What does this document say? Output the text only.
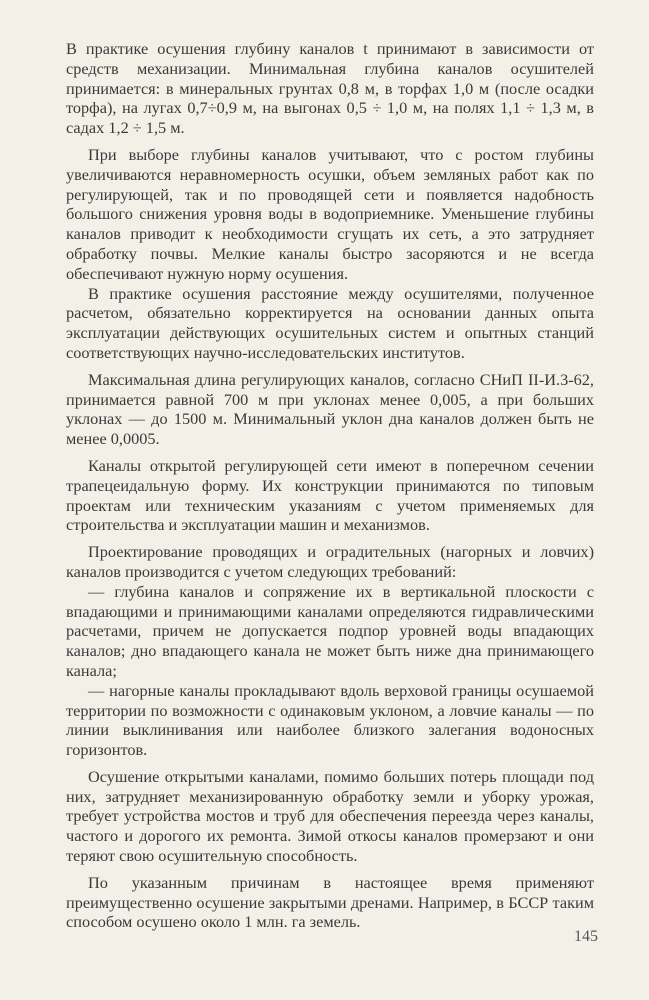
В практике осушения глубину каналов t принимают в зависимости от средств механизации. Минимальная глубина каналов осушителей принимается: в минеральных грунтах 0,8 м, в торфах 1,0 м (после осадки торфа), на лугах 0,7÷0,9 м, на выгонах 0,5 ÷ 1,0 м, на полях 1,1 ÷ 1,3 м, в садах 1,2 ÷ 1,5 м.

При выборе глубины каналов учитывают, что с ростом глубины увеличиваются неравномерность осушки, объем земляных работ как по регулирующей, так и по проводящей сети и появляется надобность большого снижения уровня воды в водоприемнике. Уменьшение глубины каналов приводит к необходимости сгущать их сеть, а это затрудняет обработку почвы. Мелкие каналы быстро засоряются и не всегда обеспечивают нужную норму осушения.

В практике осушения расстояние между осушителями, полученное расчетом, обязательно корректируется на основании данных опыта эксплуатации действующих осушительных систем и опытных станций соответствующих научно-исследовательских институтов.

Максимальная длина регулирующих каналов, согласно СНиП II-И.3-62, принимается равной 700 м при уклонах менее 0,005, а при больших уклонах — до 1500 м. Минимальный уклон дна каналов должен быть не менее 0,0005.

Каналы открытой регулирующей сети имеют в поперечном сечении трапецеидальную форму. Их конструкции принимаются по типовым проектам или техническим указаниям с учетом применяемых для строительства и эксплуатации машин и механизмов.

Проектирование проводящих и оградительных (нагорных и ловчих) каналов производится с учетом следующих требований:

— глубина каналов и сопряжение их в вертикальной плоскости с впадающими и принимающими каналами определяются гидравлическими расчетами, причем не допускается подпор уровней воды впадающих каналов; дно впадающего канала не может быть ниже дна принимающего канала;

— нагорные каналы прокладывают вдоль верховой границы осушаемой территории по возможности с одинаковым уклоном, а ловчие каналы — по линии выклинивания или наиболее близкого залегания водоносных горизонтов.

Осушение открытыми каналами, помимо больших потерь площади под них, затрудняет механизированную обработку земли и уборку урожая, требует устройства мостов и труб для обеспечения переезда через каналы, частого и дорогого их ремонта. Зимой откосы каналов промерзают и они теряют свою осушительную способность.

По указанным причинам в настоящее время применяют преимущественно осушение закрытыми дренами. Например, в БССР таким способом осушено около 1 млн. га земель.

145
